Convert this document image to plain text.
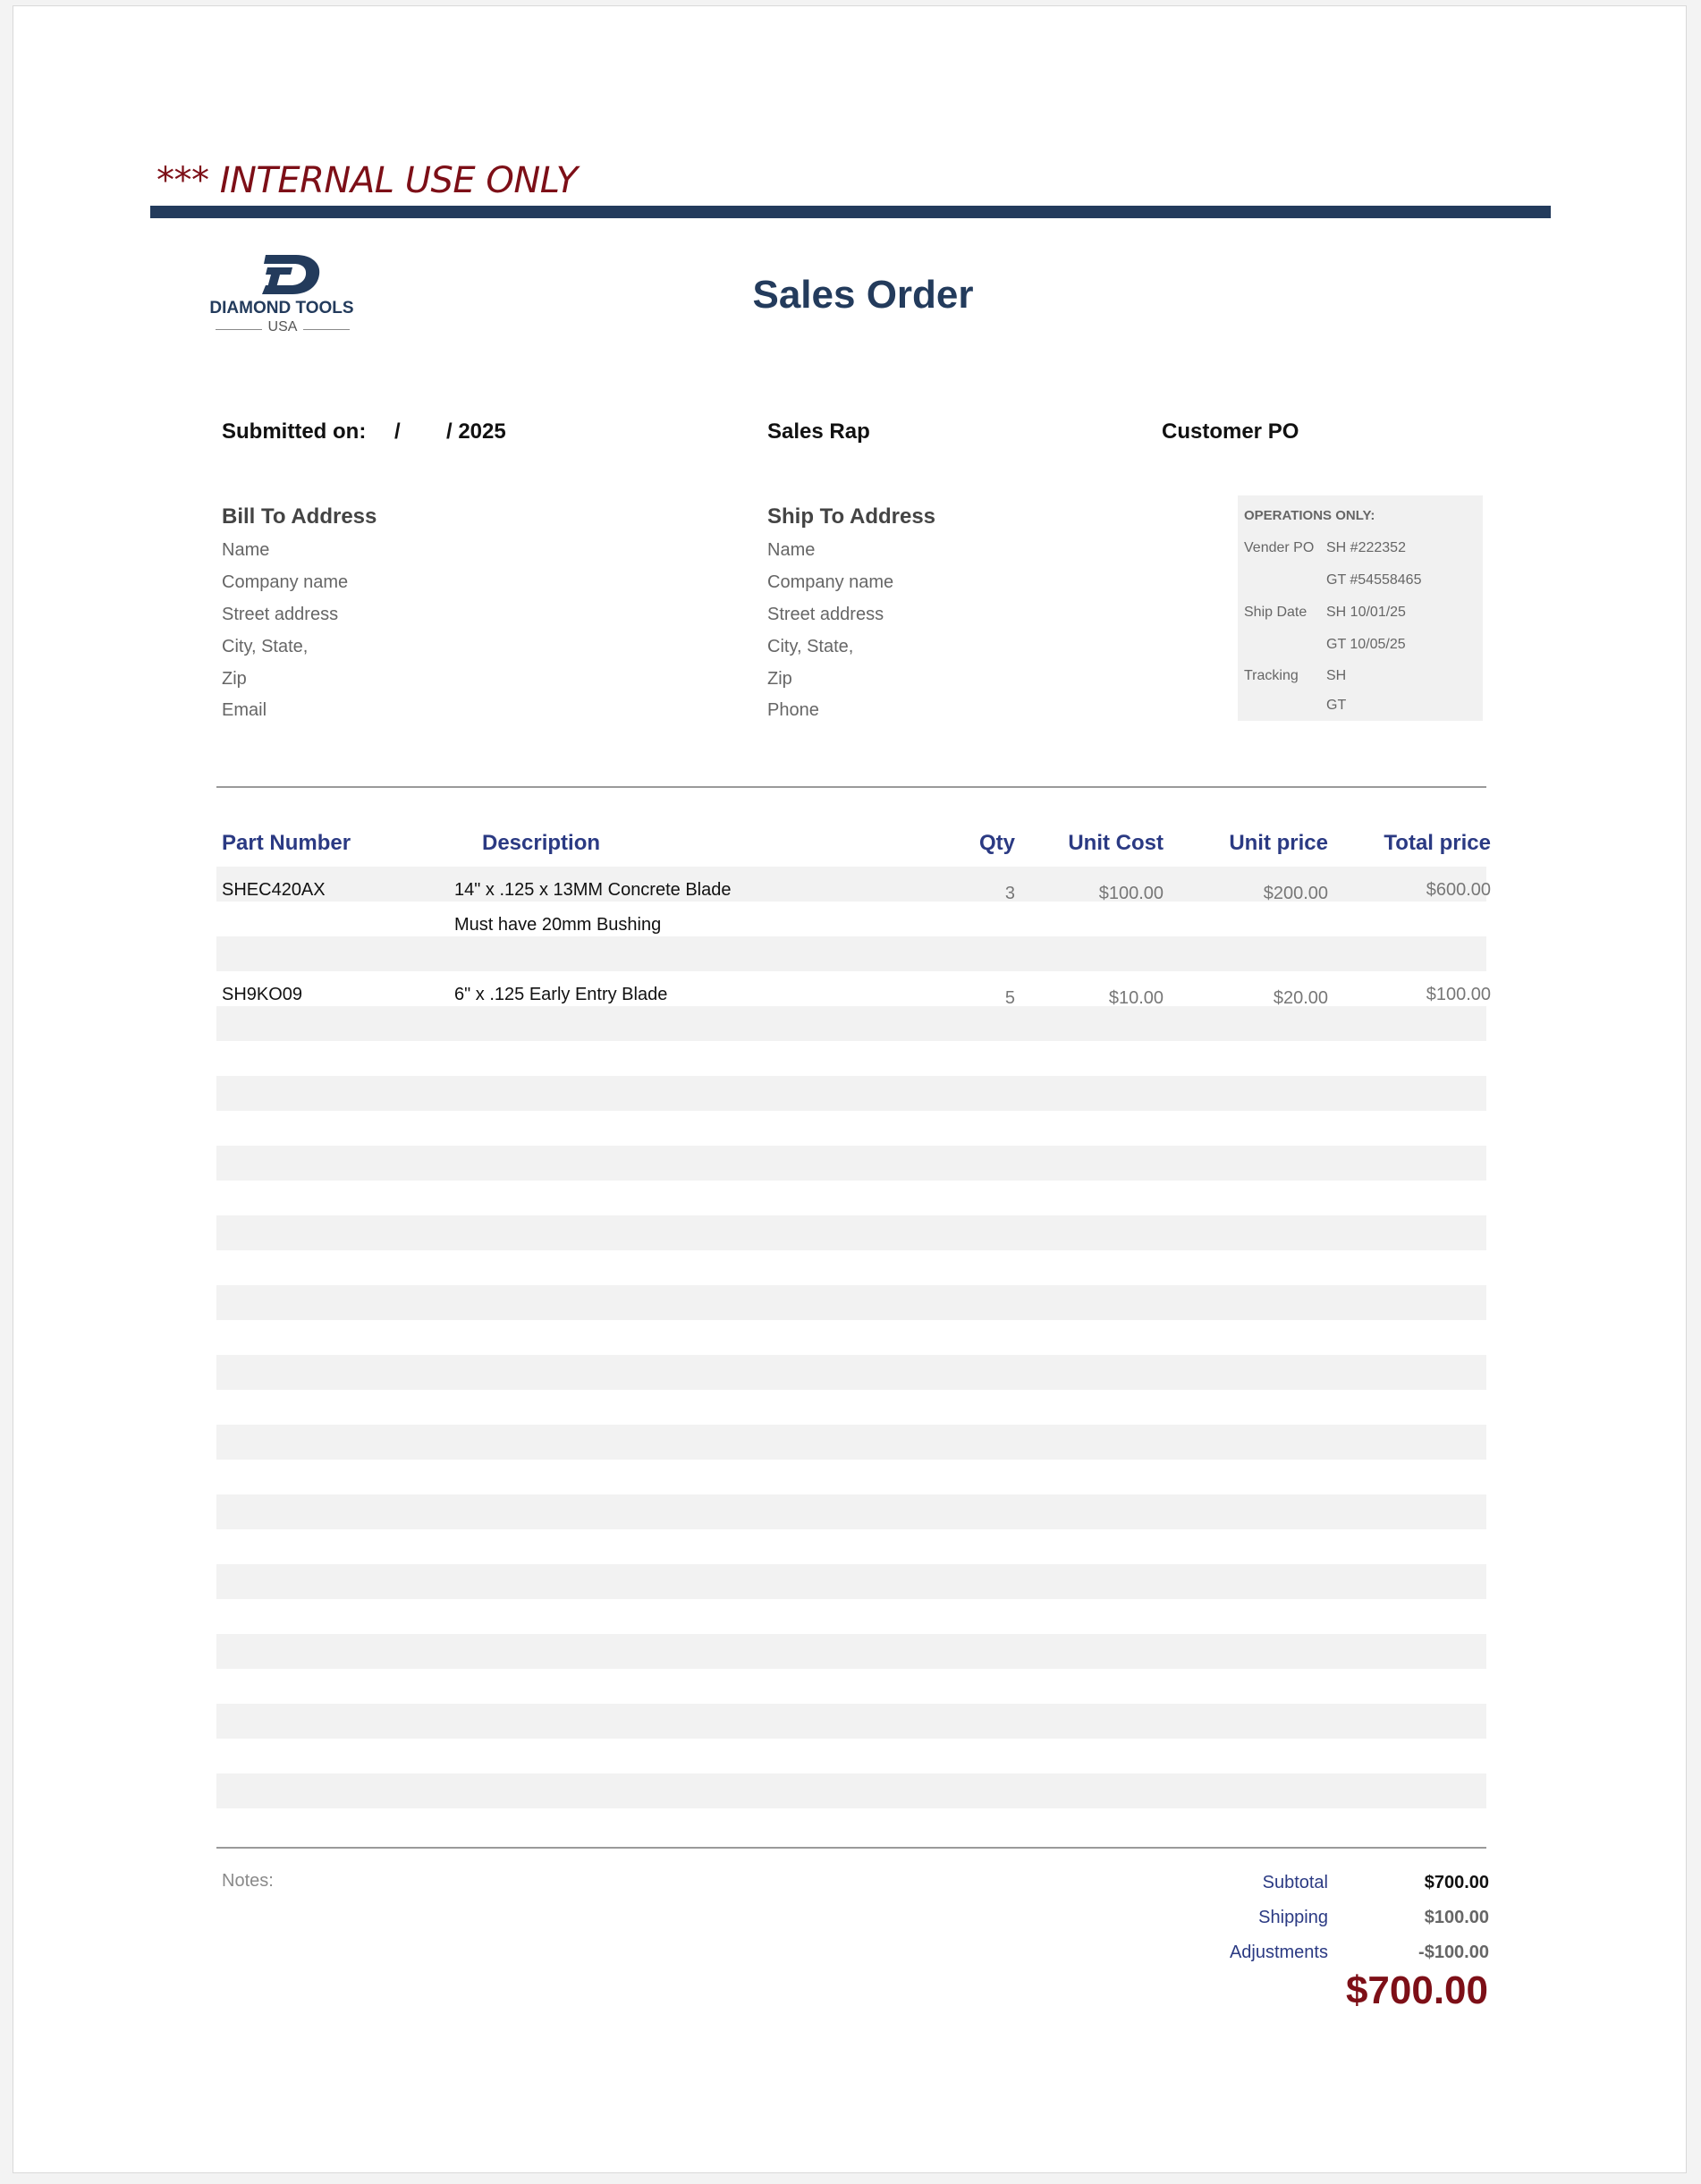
*** INTERNAL USE ONLY
DIAMOND TOOLS
USA
Sales Order
Submitted on: / / 2025	Sales Rap	Customer PO
Bill To Address
Name
Company name
Street address
City, State,
Zip
Email
Ship To Address
Name
Company name
Street address
City, State,
Zip
Phone
OPERATIONS ONLY:
Vender PO SH #222352
GT #54558465
Ship Date SH 10/01/25
GT 10/05/25
Tracking SH
GT
Part Number	Description	Qty	Unit Cost	Unit price	Total price
SHEC420AX	14" x .125 x 13MM Concrete Blade	3	$100.00	$200.00	$600.00
Must have 20mm Bushing
SH9KO09	6" x .125 Early Entry Blade	5	$10.00	$20.00	$100.00
Notes:	Subtotal	$700.00
Shipping	$100.00
Adjustments	-$100.00
$700.00
